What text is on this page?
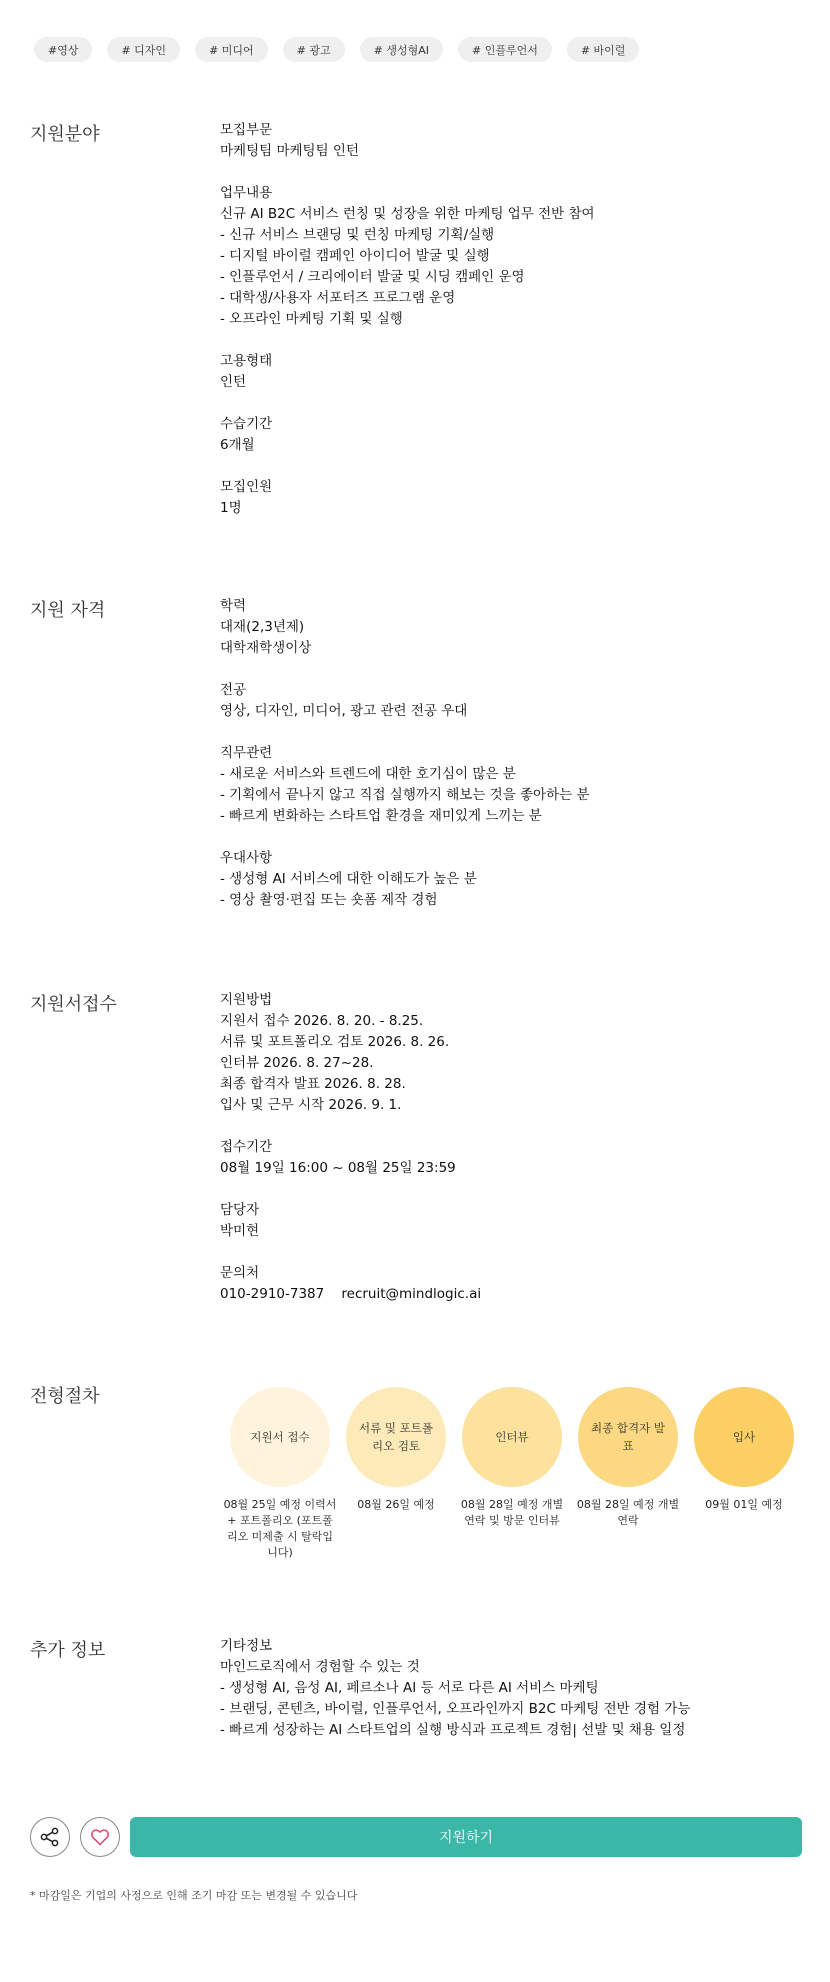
#영상	# 디자인	# 미디어	# 광고	# 생성형AI	# 인플루언서	# 바이럴
지원분야	모집부문
마케팅팀 마케팅팀 인턴
업무내용
신규 AI B2C 서비스 런칭 및 성장을 위한 마케팅 업무 전반 참여
- 신규 서비스 브랜딩 및 런칭 마케팅 기획/실행
- 디지털 바이럴 캠페인 아이디어 발굴 및 실행
- 인플루언서 / 크리에이터 발굴 및 시딩 캠페인 운영
- 대학생/사용자 서포터즈 프로그램 운영
- 오프라인 마케팅 기획 및 실행
고용형태
인턴
수습기간
6개월
모집인원
1명
지원 자격	학력
대재(2,3년제)
대학재학생이상
전공
영상, 디자인, 미디어, 광고 관련 전공 우대
직무관련
- 새로운 서비스와 트렌드에 대한 호기심이 많은 분
- 기획에서 끝나지 않고 직접 실행까지 해보는 것을 좋아하는 분
- 빠르게 변화하는 스타트업 환경을 재미있게 느끼는 분
우대사항
- 생성형 AI 서비스에 대한 이해도가 높은 분
- 영상 촬영·편집 또는 숏폼 제작 경험
지원서접수	지원방법
지원서 접수 2026. 8. 20. - 8.25.
서류 및 포트폴리오 검토 2026. 8. 26.
인터뷰 2026. 8. 27~28.
최종 합격자 발표 2026. 8. 28.
입사 및 근무 시작 2026. 9. 1.
접수기간
08월 19일 16:00 ~ 08월 25일 23:59
담당자
박미현
문의처
010-2910-7387    recruit@mindlogic.ai
전형절차
지원서 접수
08월 25일 예정 이력서 + 포트폴리오 (포트폴리오 미제출 시 탈락입니다)
서류 및 포트폴리오 검토
08월 26일 예정
인터뷰
08월 28일 예정 개별 연락 및 방문 인터뷰
최종 합격자 발표
08월 28일 예정 개별 연락
입사
09월 01일 예정
추가 정보	기타정보
마인드로직에서 경험할 수 있는 것
- 생성형 AI, 음성 AI, 페르소나 AI 등 서로 다른 AI 서비스 마케팅
- 브랜딩, 콘텐츠, 바이럴, 인플루언서, 오프라인까지 B2C 마케팅 전반 경험 가능
- 빠르게 성장하는 AI 스타트업의 실행 방식과 프로젝트 경험| 선발 및 채용 일정
지원하기
* 마감일은 기업의 사정으로 인해 조기 마감 또는 변경될 수 있습니다
